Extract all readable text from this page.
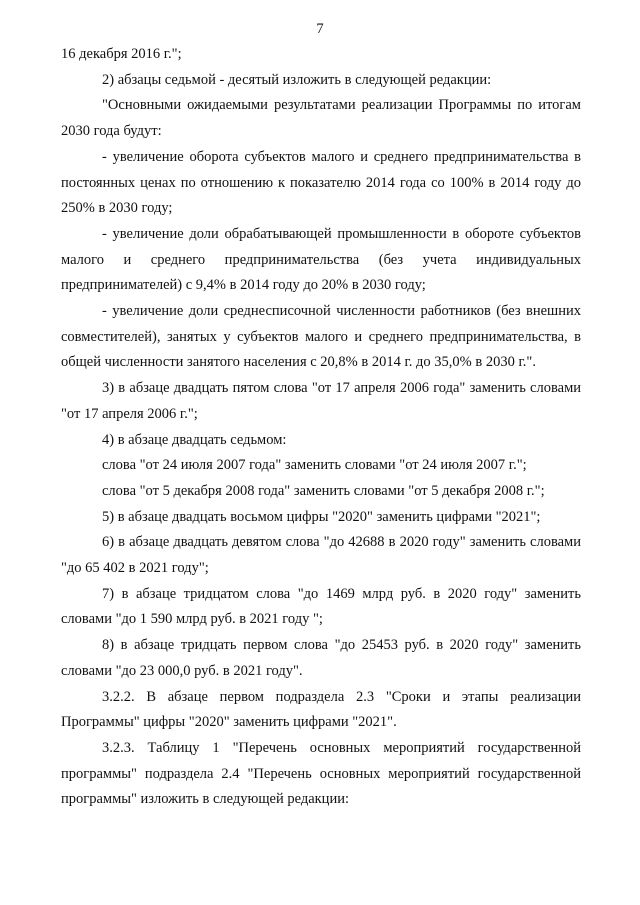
7

16 декабря 2016 г.";

2) абзацы седьмой - десятый изложить в следующей редакции:

"Основными ожидаемыми результатами реализации Программы по итогам 2030 года будут:

- увеличение оборота субъектов малого и среднего предпринимательства в постоянных ценах по отношению к показателю 2014 года со 100% в 2014 году до 250% в 2030 году;

- увеличение доли обрабатывающей промышленности в обороте субъектов малого и среднего предпринимательства (без учета индивидуальных предпринимателей) с 9,4% в 2014 году до 20% в 2030 году;

- увеличение доли среднесписочной численности работников (без внешних совместителей), занятых у субъектов малого и среднего предпринимательства, в общей численности занятого населения с 20,8% в 2014 г. до 35,0% в 2030 г.".

3) в абзаце двадцать пятом слова "от 17 апреля 2006 года" заменить словами "от 17 апреля 2006 г.";

4) в абзаце двадцать седьмом:

слова "от 24 июля 2007 года" заменить словами "от 24 июля 2007 г.";

слова "от 5 декабря 2008 года" заменить словами "от 5 декабря 2008 г.";

5) в абзаце двадцать восьмом цифры "2020" заменить цифрами "2021";

6) в абзаце двадцать девятом слова "до 42688 в 2020 году" заменить словами "до 65 402 в 2021 году";

7) в абзаце тридцатом слова "до 1469 млрд руб. в 2020 году" заменить словами "до 1 590 млрд руб. в 2021 году ";

8) в абзаце тридцать первом слова "до 25453 руб. в 2020 году" заменить словами "до 23 000,0 руб. в 2021 году".

3.2.2. В абзаце первом подраздела 2.3 "Сроки и этапы реализации Программы" цифры "2020" заменить цифрами "2021".

3.2.3. Таблицу 1 "Перечень основных мероприятий государственной программы" подраздела 2.4 "Перечень основных мероприятий государственной программы" изложить в следующей редакции:
